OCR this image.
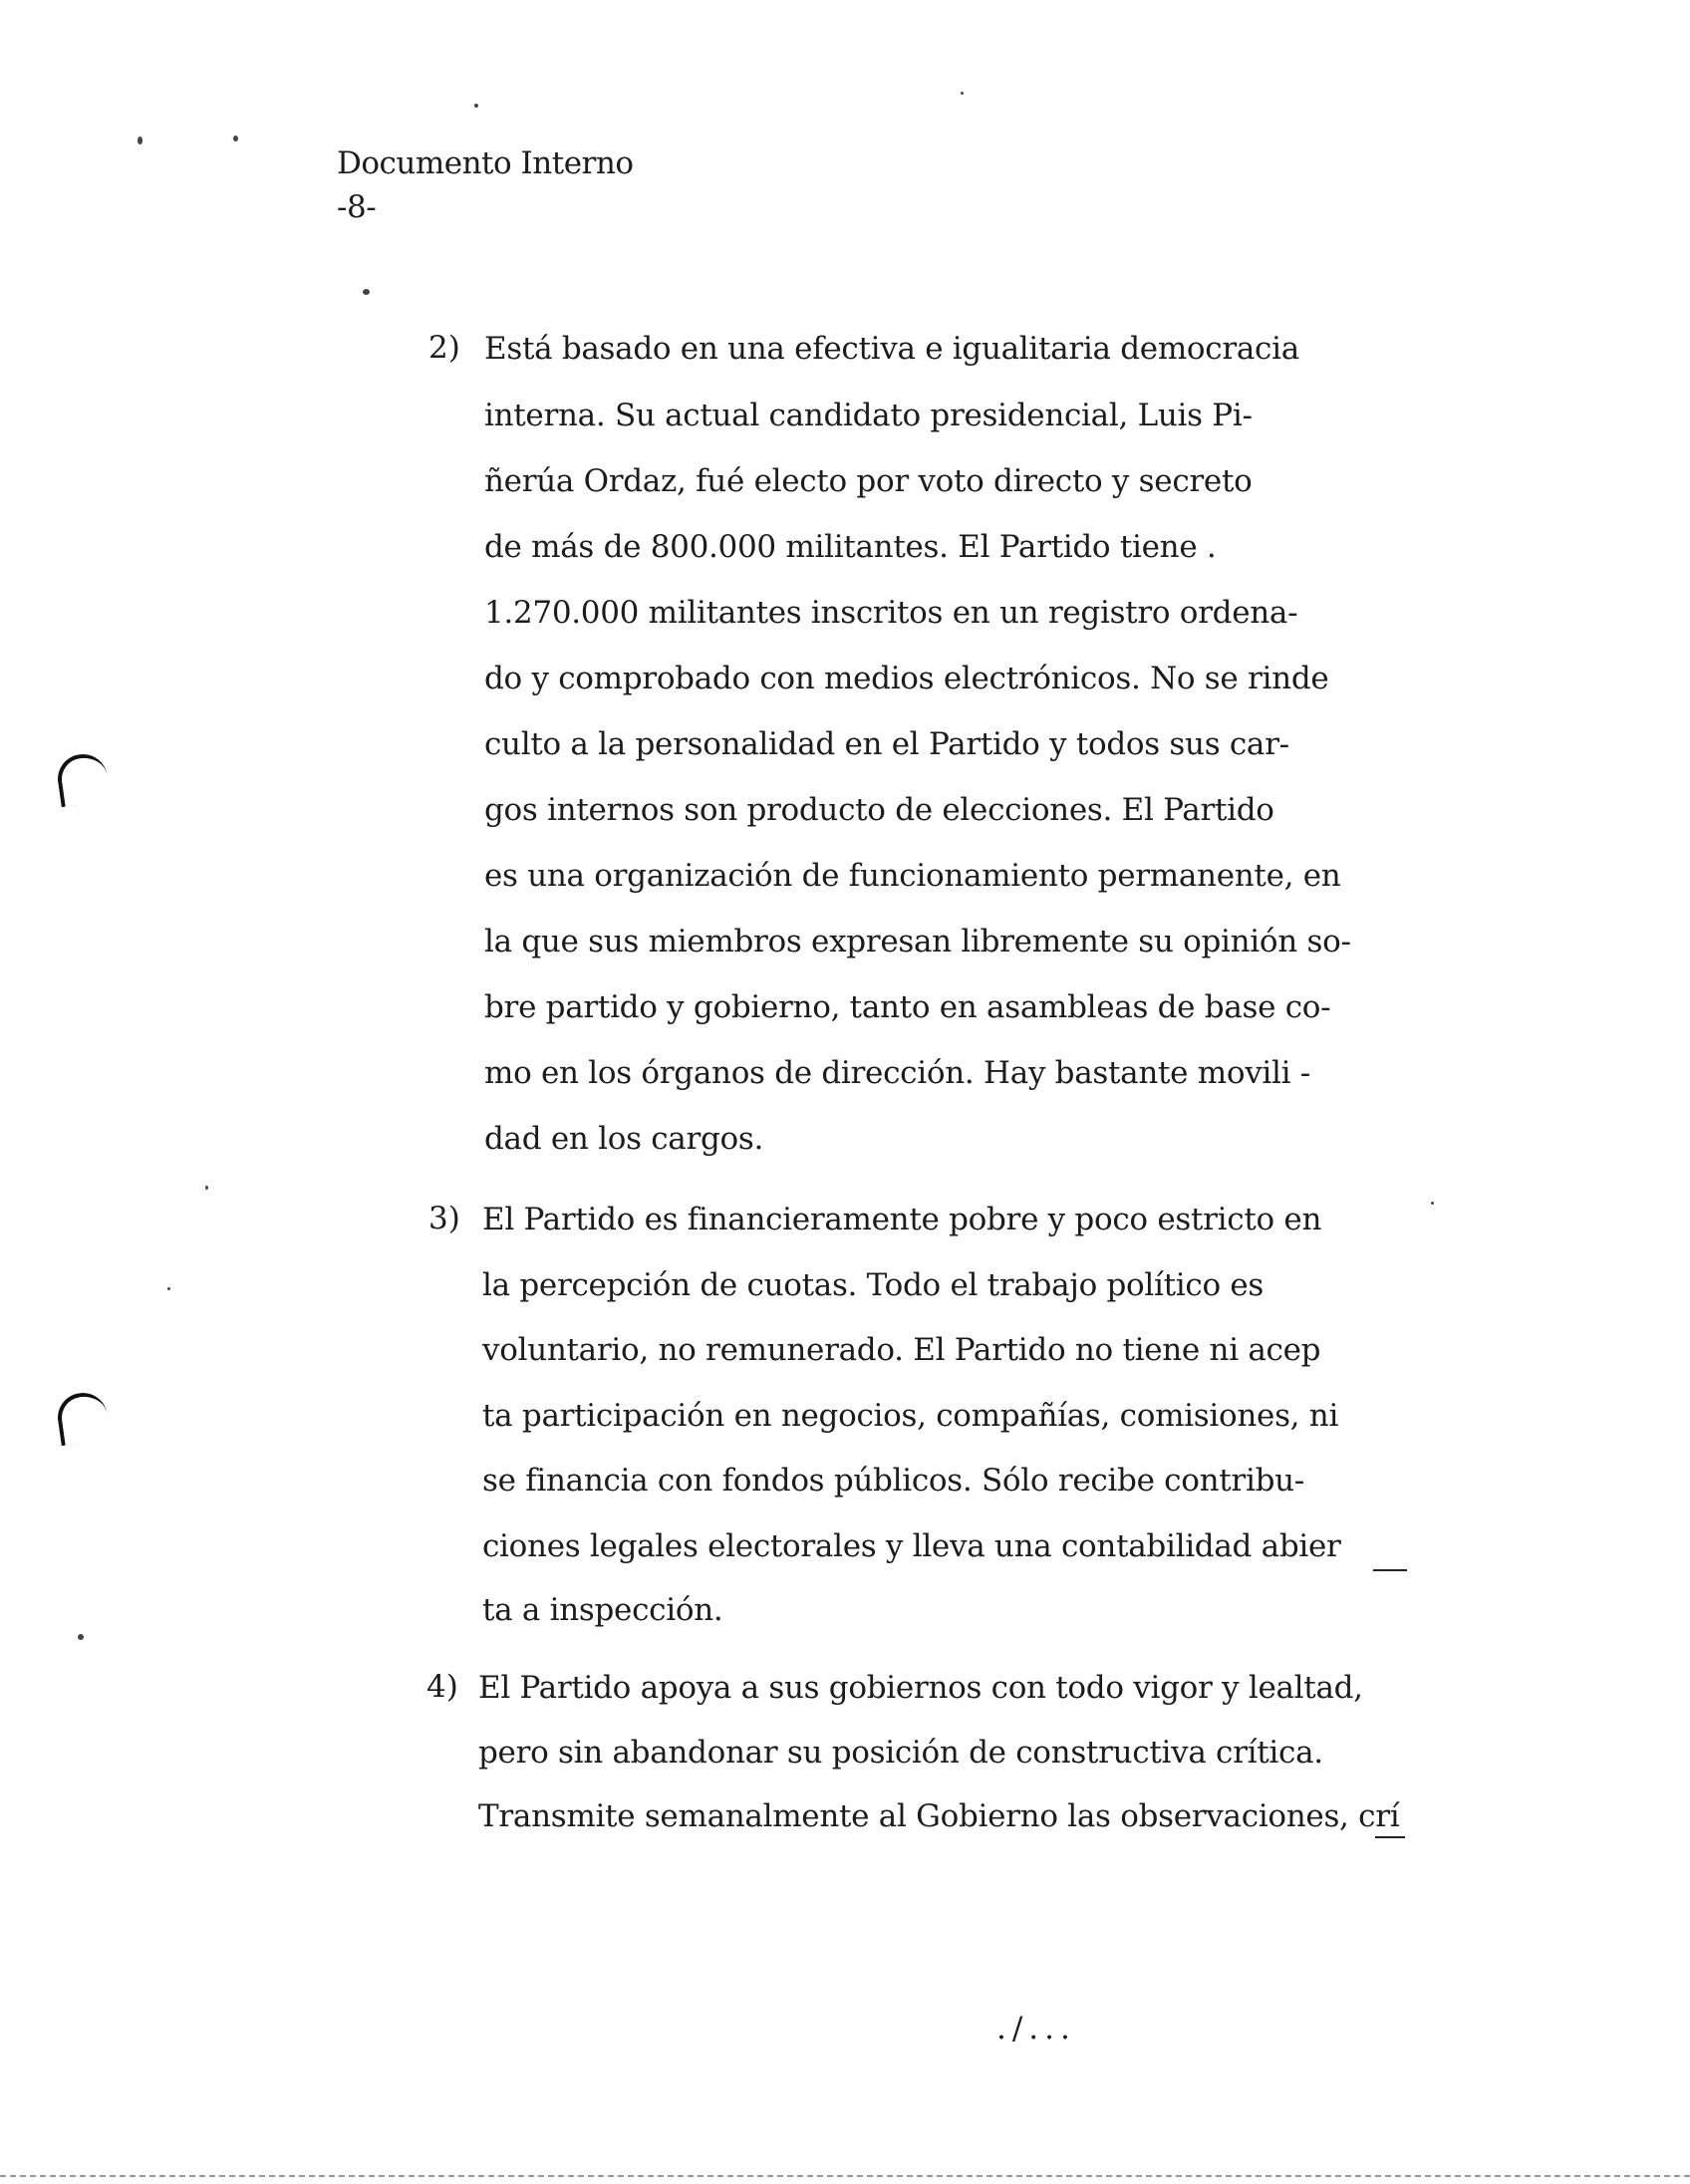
Documento Interno
-8-
2) Está basado en una efectiva e igualitaria democracia
interna. Su actual candidato presidencial, Luis Pi-
ñerúa Ordaz, fué electo por voto directo y secreto
de más de 800.000 militantes. El Partido tiene .
1.270.000 militantes inscritos en un registro ordena-
do y comprobado con medios electrónicos. No se rinde
culto a la personalidad en el Partido y todos sus car-
gos internos son producto de elecciones. El Partido
es una organización de funcionamiento permanente, en
la que sus miembros expresan libremente su opinión so-
bre partido y gobierno, tanto en asambleas de base co-
mo en los órganos de dirección. Hay bastante movili -
dad en los cargos.
3) El Partido es financieramente pobre y poco estricto en
la percepción de cuotas. Todo el trabajo político es
voluntario, no remunerado. El Partido no tiene ni acep
ta participación en negocios, compañías, comisiones, ni
se financia con fondos públicos. Sólo recibe contribu-
ciones legales electorales y lleva una contabilidad abier
ta a inspección.
4) El Partido apoya a sus gobiernos con todo vigor y lealtad,
pero sin abandonar su posición de constructiva crítica.
Transmite semanalmente al Gobierno las observaciones, crí
./...
